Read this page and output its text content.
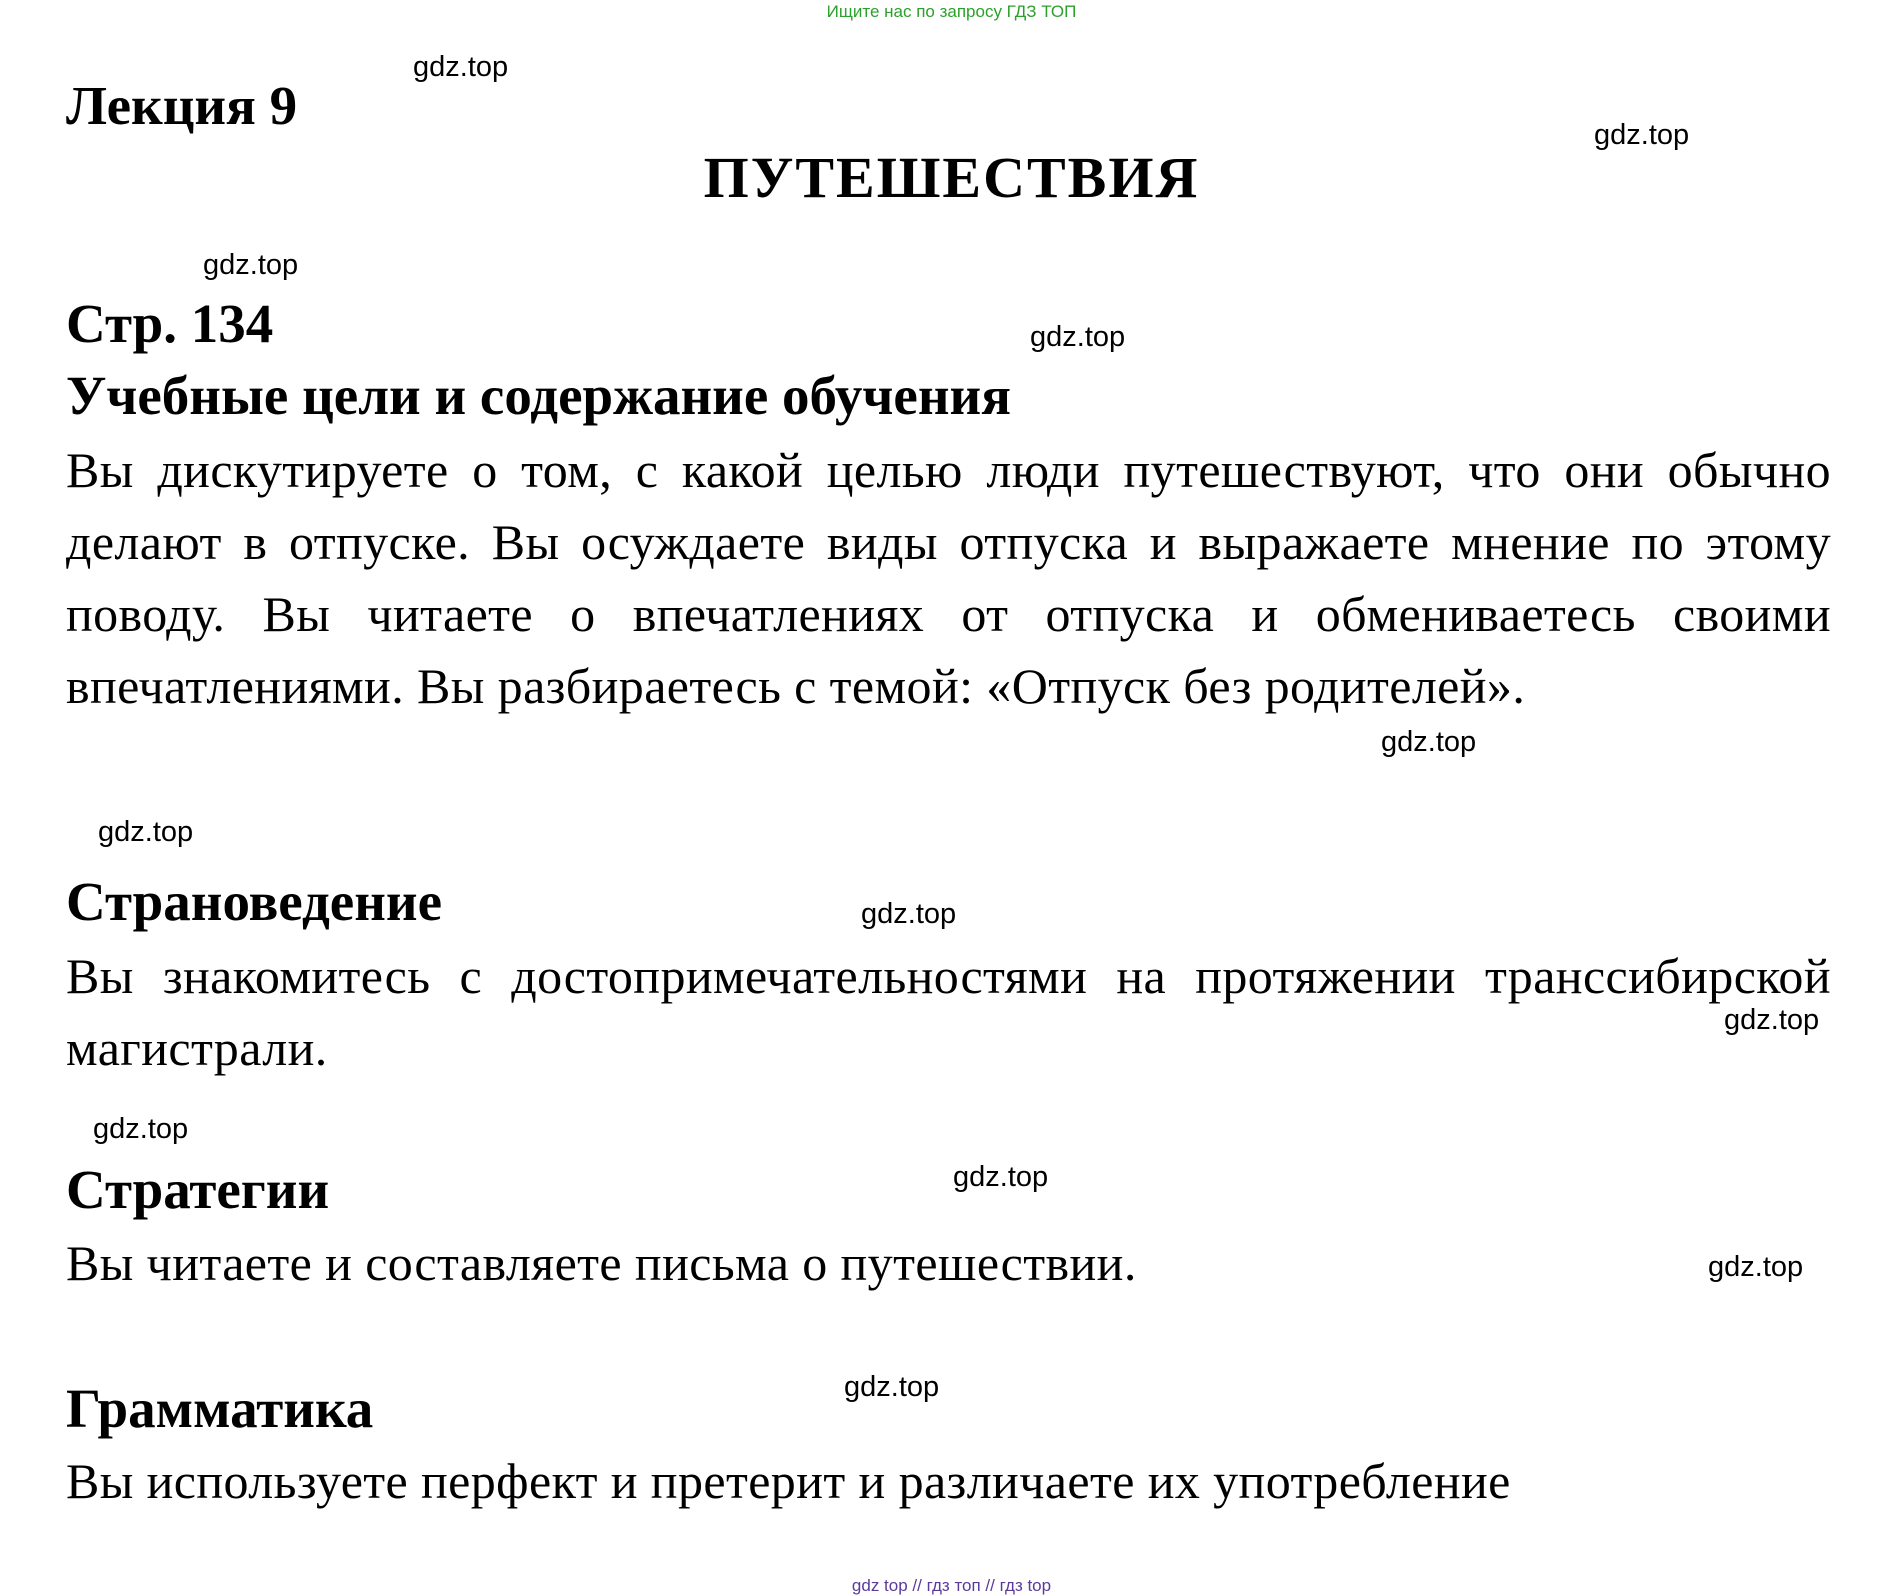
Ищите нас по запросу ГДЗ ТОП
gdz.top
gdz.top
gdz.top
gdz.top
gdz.top
gdz.top
gdz.top
gdz.top
gdz.top
gdz.top
gdz.top
gdz.top
Лекция 9
ПУТЕШЕСТВИЯ
Стр. 134
Учебные цели и содержание обучения
Вы дискутируете о том, с какой целью люди путешествуют, что они обычно делают в отпуске. Вы осуждаете виды отпуска и выражаете мнение по этому поводу. Вы читаете о впечатлениях от отпуска и обмениваетесь своими впечатлениями. Вы разбираетесь с темой: «Отпуск без родителей».
Страноведение
Вы знакомитесь с достопримечательностями на протяжении транссибирской магистрали.
Стратегии
Вы читаете и составляете письма о путешествии.
Грамматика
Вы используете перфект и претерит и различаете их употребление
gdz top // гдз топ // гдз top
